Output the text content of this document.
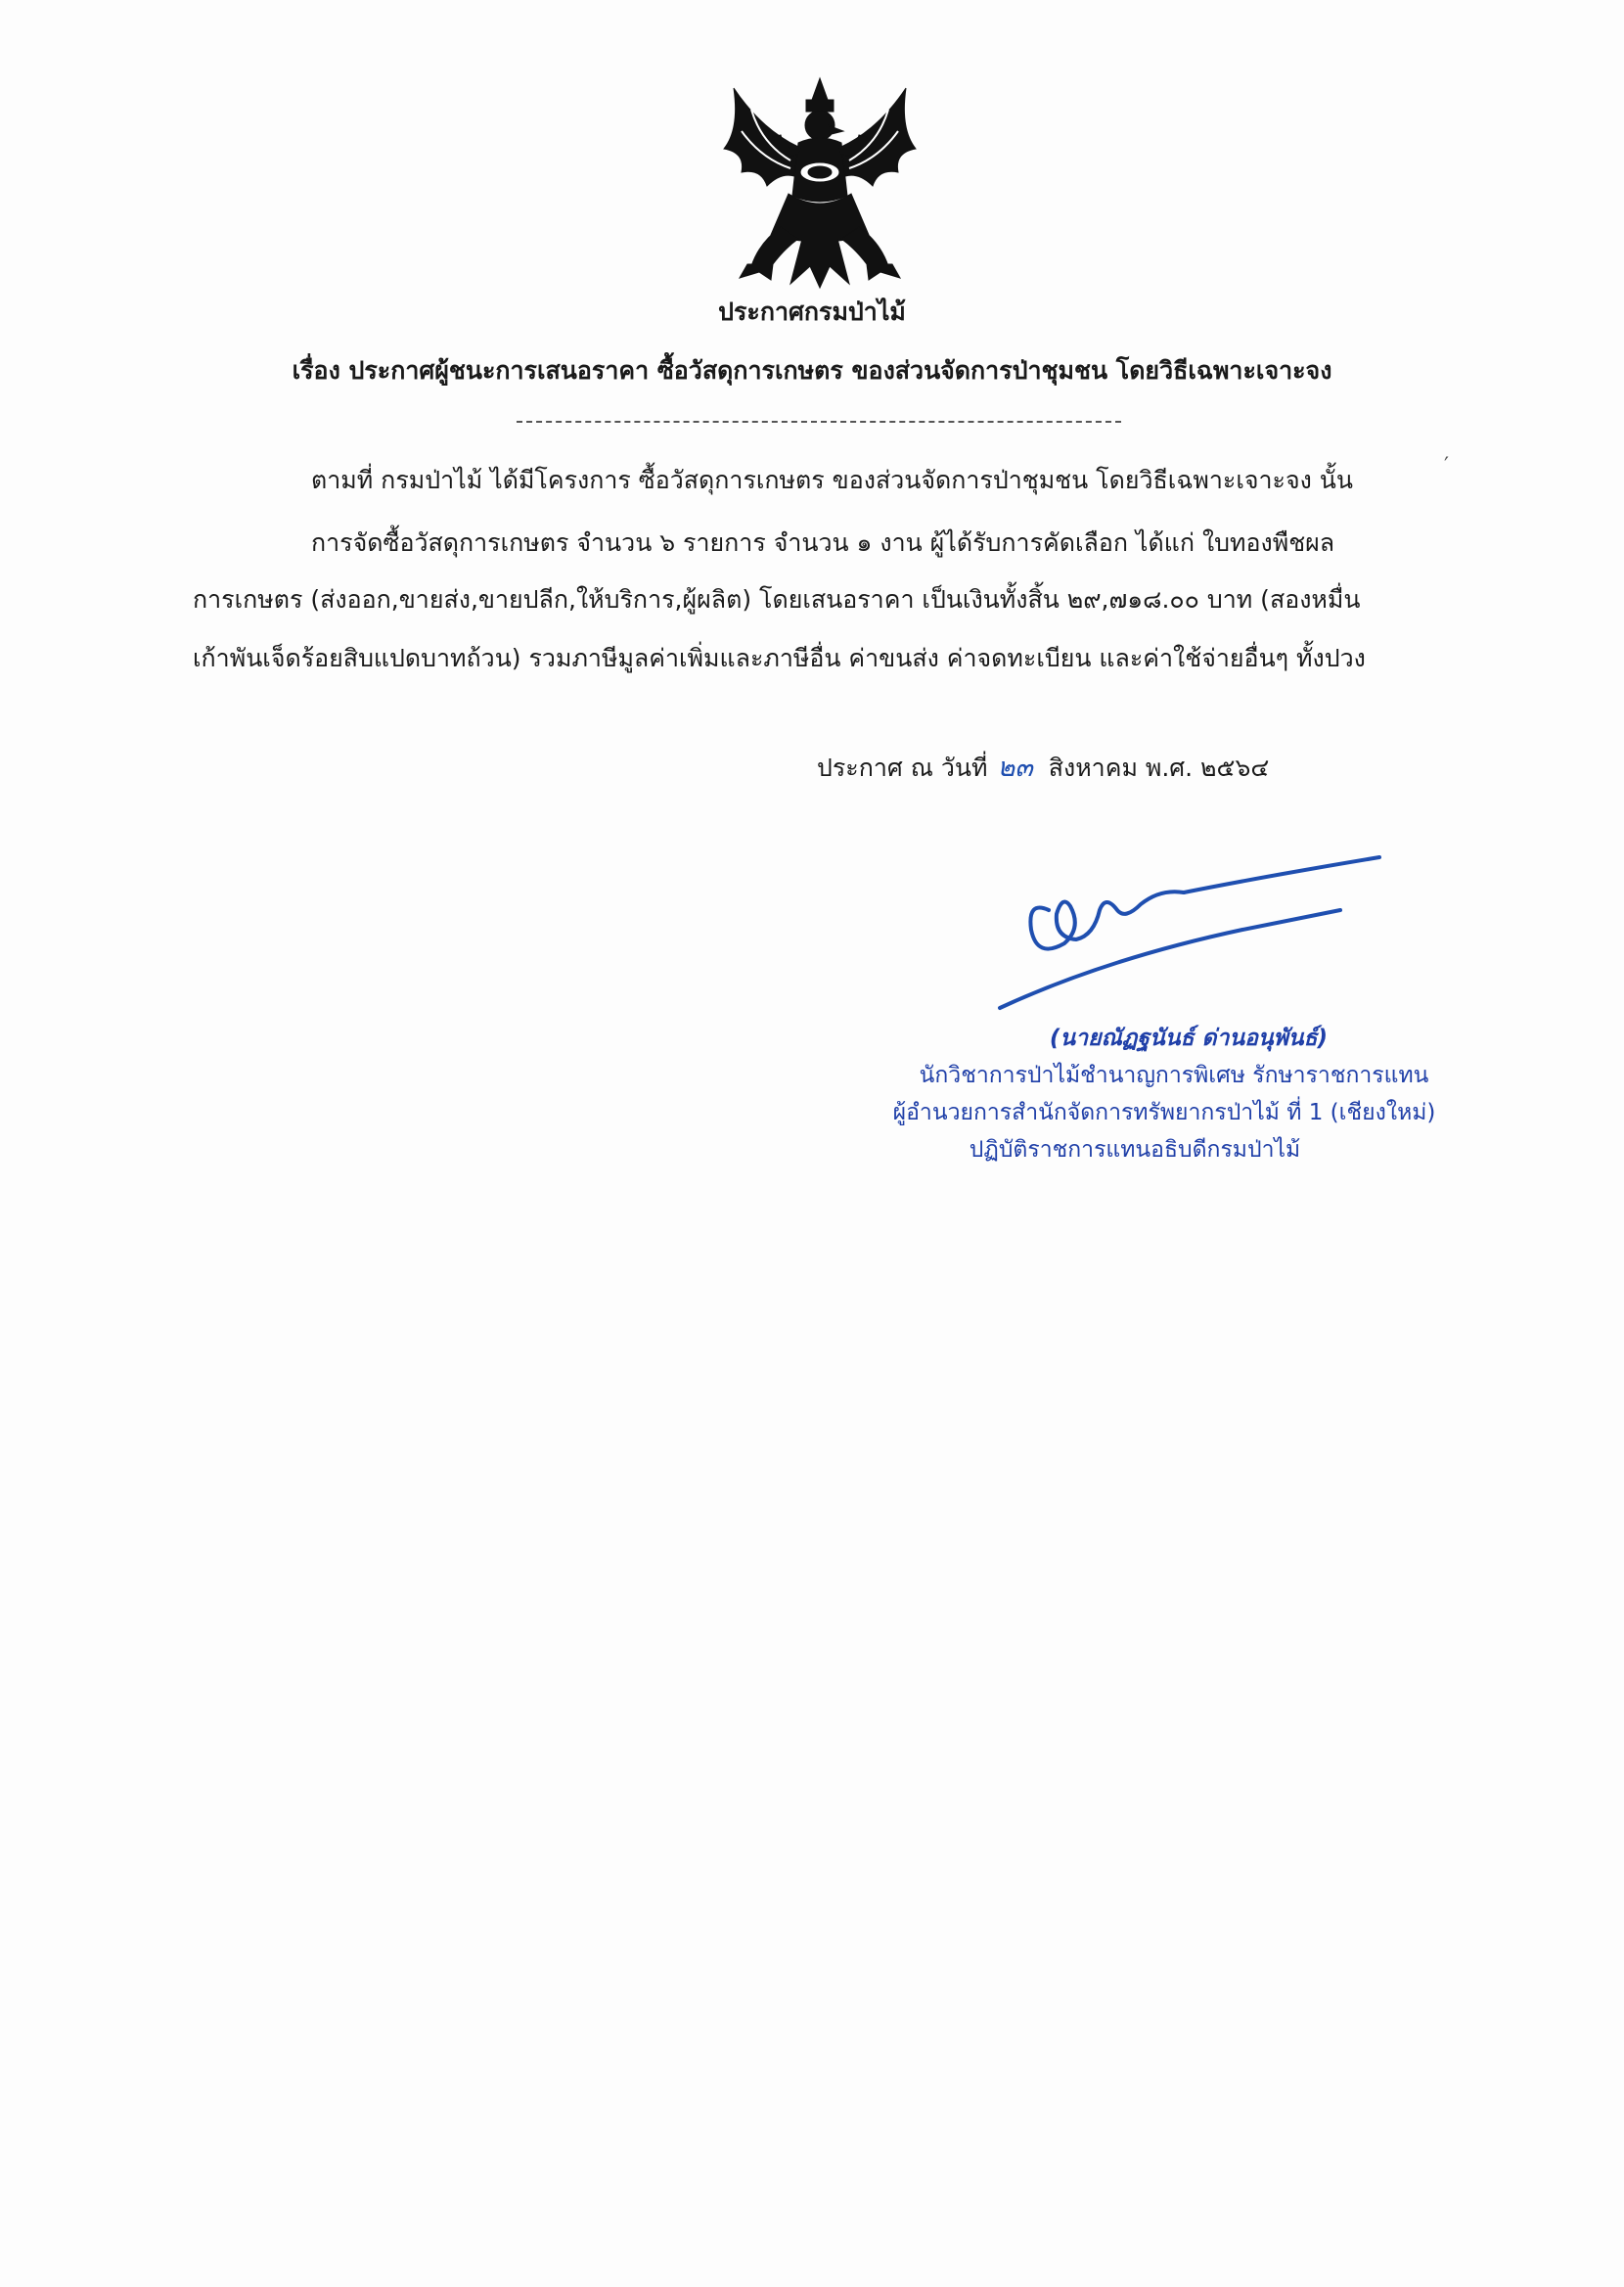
ประกาศกรมป่าไม้
เรื่อง ประกาศผู้ชนะการเสนอราคา ซื้อวัสดุการเกษตร ของส่วนจัดการป่าชุมชน โดยวิธีเฉพาะเจาะจง
ตามที่ กรมป่าไม้ ได้มีโครงการ ซื้อวัสดุการเกษตร ของส่วนจัดการป่าชุมชน โดยวิธีเฉพาะเจาะจง นั้น	′
การจัดซื้อวัสดุการเกษตร จำนวน ๖ รายการ จำนวน ๑ งาน ผู้ได้รับการคัดเลือก ได้แก่ ใบทองพืชผล
การเกษตร (ส่งออก,ขายส่ง,ขายปลีก,ให้บริการ,ผู้ผลิต) โดยเสนอราคา เป็นเงินทั้งสิ้น ๒๙,๗๑๘.๐๐ บาท (สองหมื่น
เก้าพันเจ็ดร้อยสิบแปดบาทถ้วน) รวมภาษีมูลค่าเพิ่มและภาษีอื่น ค่าขนส่ง ค่าจดทะเบียน และค่าใช้จ่ายอื่นๆ ทั้งปวง
ประกาศ ณ วันที่ ๒๓ สิงหาคม พ.ศ. ๒๕๖๔
(นายณัฏฐนันธ์ ด่านอนุพันธ์)
นักวิชาการป่าไม้ชำนาญการพิเศษ รักษาราชการแทน
ผู้อำนวยการสำนักจัดการทรัพยากรป่าไม้ ที่ 1 (เชียงใหม่)
ปฏิบัติราชการแทนอธิบดีกรมป่าไม้
